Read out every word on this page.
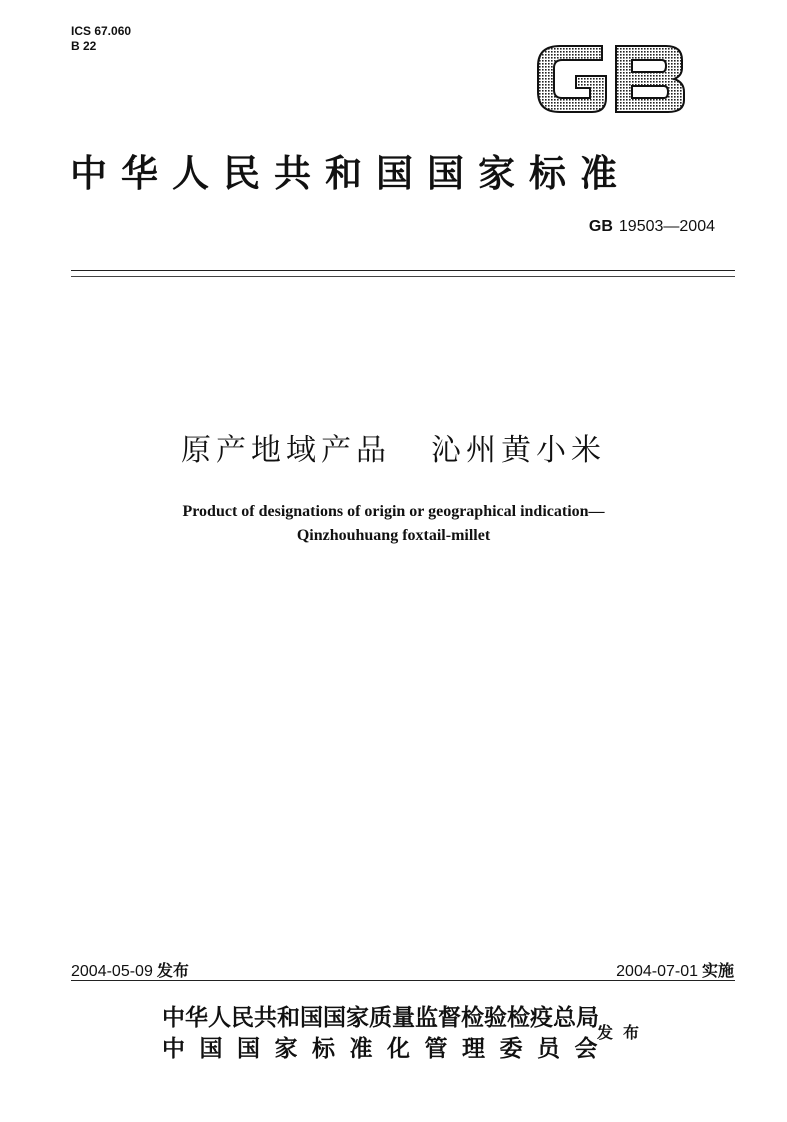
ICS 67.060
B 22
GB
中华人民共和国国家标准
GB 19503—2004
原产地域产品 沁州黄小米
Product of designations of origin or geographical indication—
Qinzhouhuang foxtail-millet
2004-05-09 发布	2004-07-01 实施
中华人民共和国国家质量监督检验检疫总局
中国国家标准化管理委员会
发布
